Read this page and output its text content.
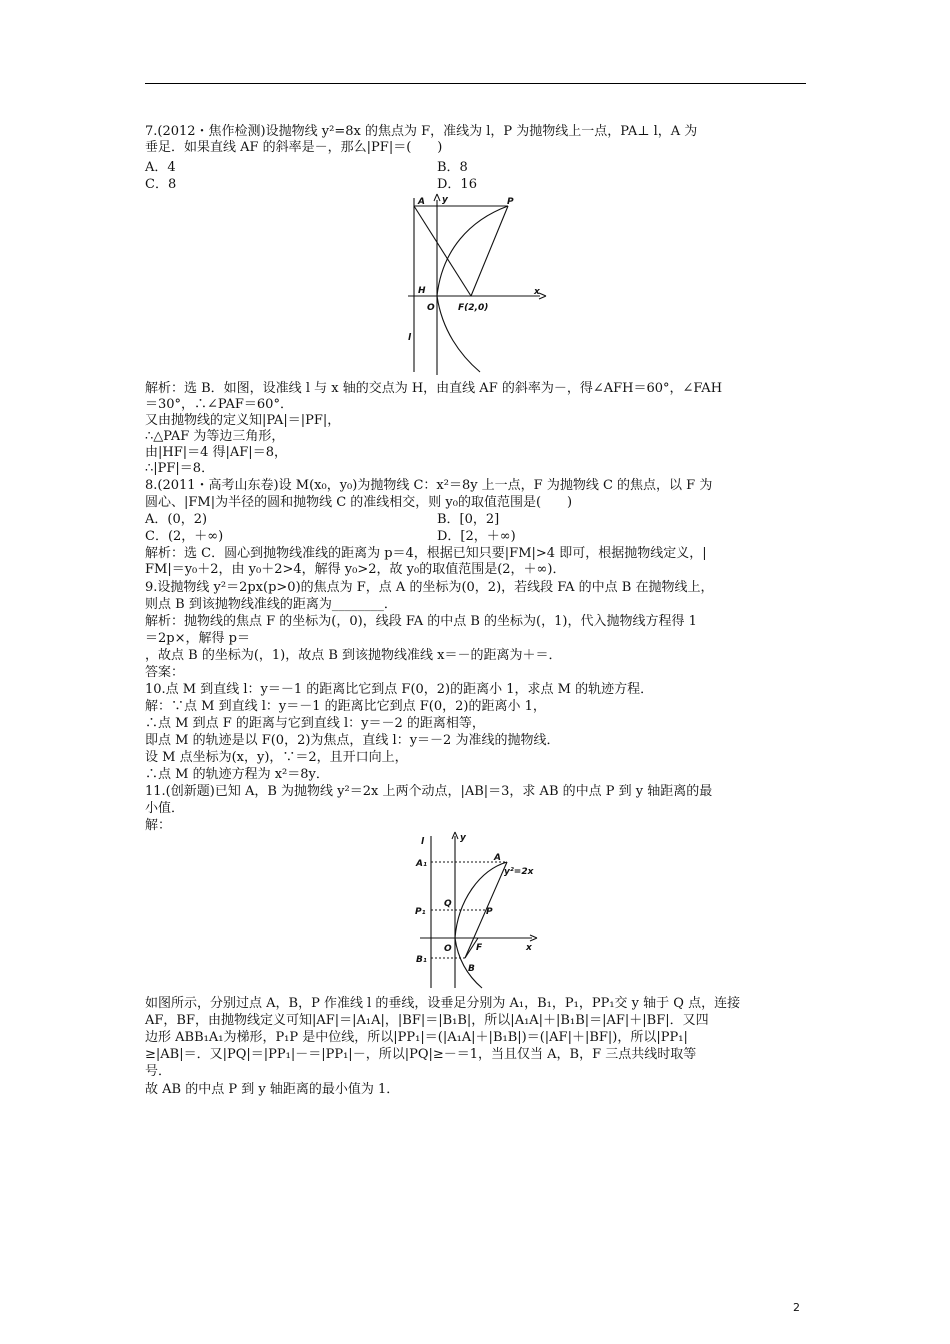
7.(2012・焦作检测)设抛物线 y²=8x 的焦点为 F，准线为 l，P 为抛物线上一点，PA⊥ l，A 为
垂足．如果直线 AF 的斜率是－，那么|PF|＝(　　)
A．4	B．8
C．8	D．16
A	P
y
x
H
O	F(2,0)
l
解析：选 B．如图，设准线 l 与 x 轴的交点为 H，由直线 AF 的斜率为－，得∠AFH＝60°，∠FAH
＝30°，∴∠PAF＝60°．
又由抛物线的定义知|PA|＝|PF|，
∴△PAF 为等边三角形，
由|HF|＝4 得|AF|＝8，
∴|PF|＝8．
8.(2011・高考山东卷)设 M(x₀，y₀)为抛物线 C：x²＝8y 上一点，F 为抛物线 C 的焦点，以 F 为
圆心、|FM|为半径的圆和抛物线 C 的准线相交，则 y₀的取值范围是(　　)
A．(0，2)	B．[0，2]
C．(2，＋∞)	D．[2，＋∞)
解析：选 C．圆心到抛物线准线的距离为 p＝4，根据已知只要|FM|>4 即可，根据抛物线定义，|
FM|＝y₀＋2，由 y₀＋2>4，解得 y₀>2，故 y₀的取值范围是(2，＋∞)．
9.设抛物线 y²＝2px(p>0)的焦点为 F，点 A 的坐标为(0，2)，若线段 FA 的中点 B 在抛物线上，
则点 B 到该抛物线准线的距离为________．
解析：抛物线的焦点 F 的坐标为(，0)，线段 FA 的中点 B 的坐标为(，1)，代入抛物线方程得 1
＝2p×，解得 p＝
，故点 B 的坐标为(，1)，故点 B 到该抛物线准线 x＝－的距离为＋＝．
答案：
10.点 M 到直线 l：y＝－1 的距离比它到点 F(0，2)的距离小 1，求点 M 的轨迹方程．
解：∵点 M 到直线 l：y＝－1 的距离比它到点 F(0，2)的距离小 1，
∴点 M 到点 F 的距离与它到直线 l：y＝－2 的距离相等，
即点 M 的轨迹是以 F(0，2)为焦点，直线 l：y＝－2 为准线的抛物线．
设 M 点坐标为(x，y)，∵＝2，且开口向上，
∴点 M 的轨迹方程为 x²＝8y．
11.(创新题)已知 A，B 为抛物线 y²＝2x 上两个动点，|AB|＝3，求 AB 的中点 P 到 y 轴距离的最
小值．
解：
l	y
A
y²=2x
A₁
Q
P₁	P
O	F	x
B₁
B
如图所示，分别过点 A，B，P 作准线 l 的垂线，设垂足分别为 A₁，B₁，P₁，PP₁交 y 轴于 Q 点，连接
AF，BF，由抛物线定义可知|AF|＝|A₁A|，|BF|＝|B₁B|，所以|A₁A|＋|B₁B|＝|AF|＋|BF|．又四
边形 ABB₁A₁为梯形，P₁P 是中位线，所以|PP₁|＝(|A₁A|＋|B₁B|)＝(|AF|＋|BF|)，所以|PP₁|
≥|AB|＝．又|PQ|＝|PP₁|－＝|PP₁|－，所以|PQ|≥－＝1，当且仅当 A，B，F 三点共线时取等
号．
故 AB 的中点 P 到 y 轴距离的最小值为 1．
2
